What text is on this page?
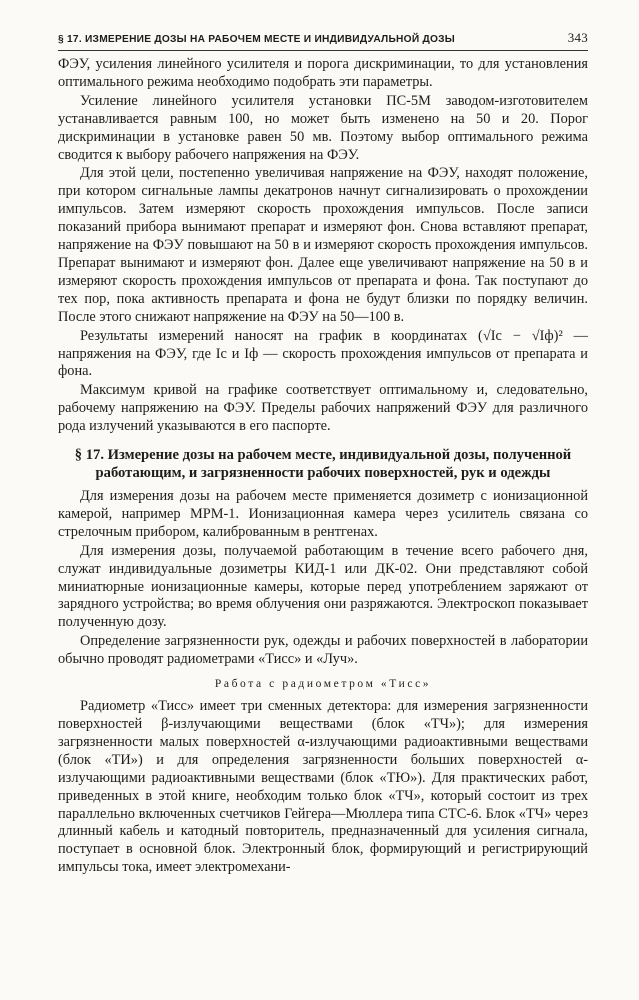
§ 17. ИЗМЕРЕНИЕ ДОЗЫ НА РАБОЧЕМ МЕСТЕ И ИНДИВИДУАЛЬНОЙ ДОЗЫ	343

ФЭУ, усиления линейного усилителя и порога дискриминации, то для установления оптимального режима необходимо подобрать эти параметры.

Усиление линейного усилителя установки ПС-5М заводом-изготовителем устанавливается равным 100, но может быть изменено на 50 и 20. Порог дискриминации в установке равен 50 мв. Поэтому выбор оптимального режима сводится к выбору рабочего напряжения на ФЭУ.

Для этой цели, постепенно увеличивая напряжение на ФЭУ, находят положение, при котором сигнальные лампы декатронов начнут сигнализировать о прохождении импульсов. Затем измеряют скорость прохождения импульсов. После записи показаний прибора вынимают препарат и измеряют фон. Снова вставляют препарат, напряжение на ФЭУ повышают на 50 в и измеряют скорость прохождения импульсов. Препарат вынимают и измеряют фон. Далее еще увеличивают напряжение на 50 в и измеряют скорость прохождения импульсов от препарата и фона. Так поступают до тех пор, пока активность препарата и фона не будут близки по порядку величин. После этого снижают напряжение на ФЭУ на 50—100 в.

Результаты измерений наносят на график в координатах (√Iс − √Iф)² — напряжения на ФЭУ, где Iс и Iф — скорость прохождения импульсов от препарата и фона.

Максимум кривой на графике соответствует оптимальному и, следовательно, рабочему напряжению на ФЭУ. Пределы рабочих напряжений ФЭУ для различного рода излучений указываются в его паспорте.

§ 17. Измерение дозы на рабочем месте, индивидуальной дозы, полученной работающим, и загрязненности рабочих поверхностей, рук и одежды

Для измерения дозы на рабочем месте применяется дозиметр с ионизационной камерой, например МРМ-1. Ионизационная камера через усилитель связана со стрелочным прибором, калиброванным в рентгенах.

Для измерения дозы, получаемой работающим в течение всего рабочего дня, служат индивидуальные дозиметры КИД-1 или ДК-02. Они представляют собой миниатюрные ионизационные камеры, которые перед употреблением заряжают от зарядного устройства; во время облучения они разряжаются. Электроскоп показывает полученную дозу.

Определение загрязненности рук, одежды и рабочих поверхностей в лаборатории обычно проводят радиометрами «Тисс» и «Луч».

Работа с радиометром «Тисс»

Радиометр «Тисс» имеет три сменных детектора: для измерения загрязненности поверхностей β-излучающими веществами (блок «ТЧ»); для измерения загрязненности малых поверхностей α-излучающими радиоактивными веществами (блок «ТИ») и для определения загрязненности больших поверхностей α-излучающими радиоактивными веществами (блок «ТЮ»). Для практических работ, приведенных в этой книге, необходим только блок «ТЧ», который состоит из трех параллельно включенных счетчиков Гейгера—Мюллера типа СТС-6. Блок «ТЧ» через длинный кабель и катодный повторитель, предназначенный для усиления сигнала, поступает в основной блок. Электронный блок, формирующий и регистрирующий импульсы тока, имеет электромехани-
